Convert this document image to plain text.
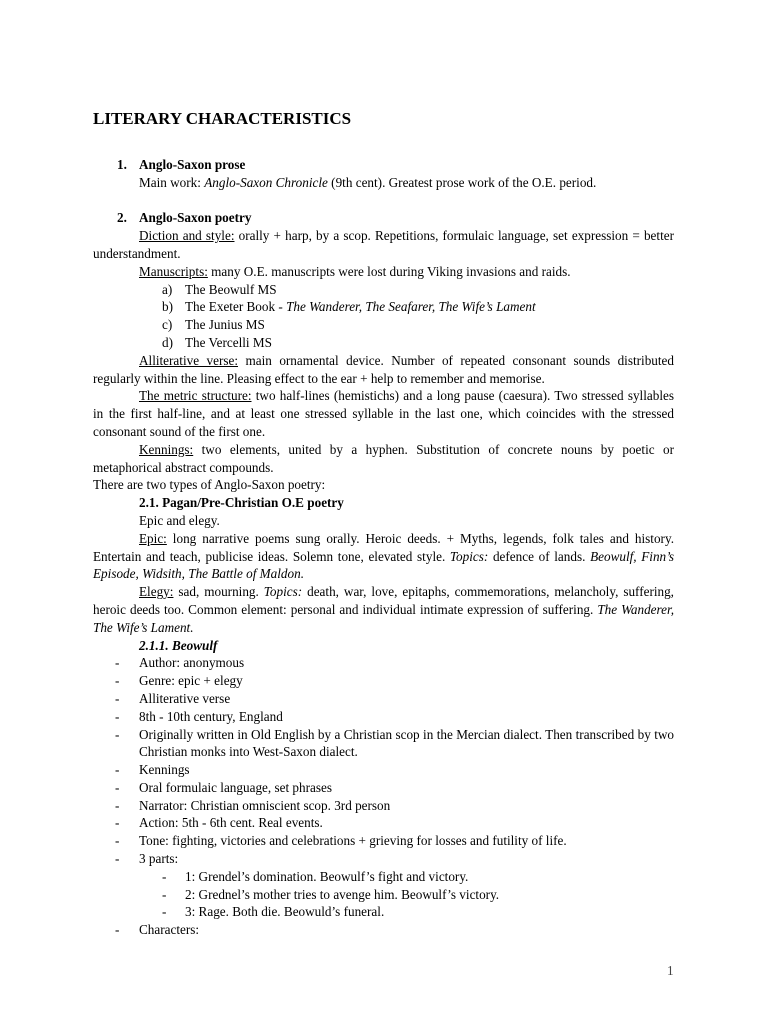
LITERARY CHARACTERISTICS
1. Anglo-Saxon prose
Main work: Anglo-Saxon Chronicle (9th cent). Greatest prose work of the O.E. period.
2. Anglo-Saxon poetry
Diction and style: orally + harp, by a scop. Repetitions, formulaic language, set expression = better understandment.
Manuscripts: many O.E. manuscripts were lost during Viking invasions and raids.
a) The Beowulf MS
b) The Exeter Book - The Wanderer, The Seafarer, The Wife’s Lament
c) The Junius MS
d) The Vercelli MS
Alliterative verse: main ornamental device. Number of repeated consonant sounds distributed regularly within the line. Pleasing effect to the ear + help to remember and memorise.
The metric structure: two half-lines (hemistichs) and a long pause (caesura). Two stressed syllables in the first half-line, and at least one stressed syllable in the last one, which coincides with the stressed consonant sound of the first one.
Kennings: two elements, united by a hyphen. Substitution of concrete nouns by poetic or metaphorical abstract compounds.
There are two types of Anglo-Saxon poetry:
2.1. Pagan/Pre-Christian O.E poetry
Epic and elegy.
Epic: long narrative poems sung orally. Heroic deeds. + Myths, legends, folk tales and history. Entertain and teach, publicise ideas. Solemn tone, elevated style. Topics: defence of lands. Beowulf, Finn’s Episode, Widsith, The Battle of Maldon.
Elegy: sad, mourning. Topics: death, war, love, epitaphs, commemorations, melancholy, suffering, heroic deeds too. Common element: personal and individual intimate expression of suffering. The Wanderer, The Wife’s Lament.
2.1.1. Beowulf
- Author: anonymous
- Genre: epic + elegy
- Alliterative verse
- 8th - 10th century, England
- Originally written in Old English by a Christian scop in the Mercian dialect. Then transcribed by two Christian monks into West-Saxon dialect.
- Kennings
- Oral formulaic language, set phrases
- Narrator: Christian omniscient scop. 3rd person
- Action: 5th - 6th cent. Real events.
- Tone: fighting, victories and celebrations + grieving for losses and futility of life.
- 3 parts:
- 1: Grendel’s domination. Beowulf’s fight and victory.
- 2: Grednel’s mother tries to avenge him. Beowulf’s victory.
- 3: Rage. Both die. Beowuld’s funeral.
- Characters:
1
